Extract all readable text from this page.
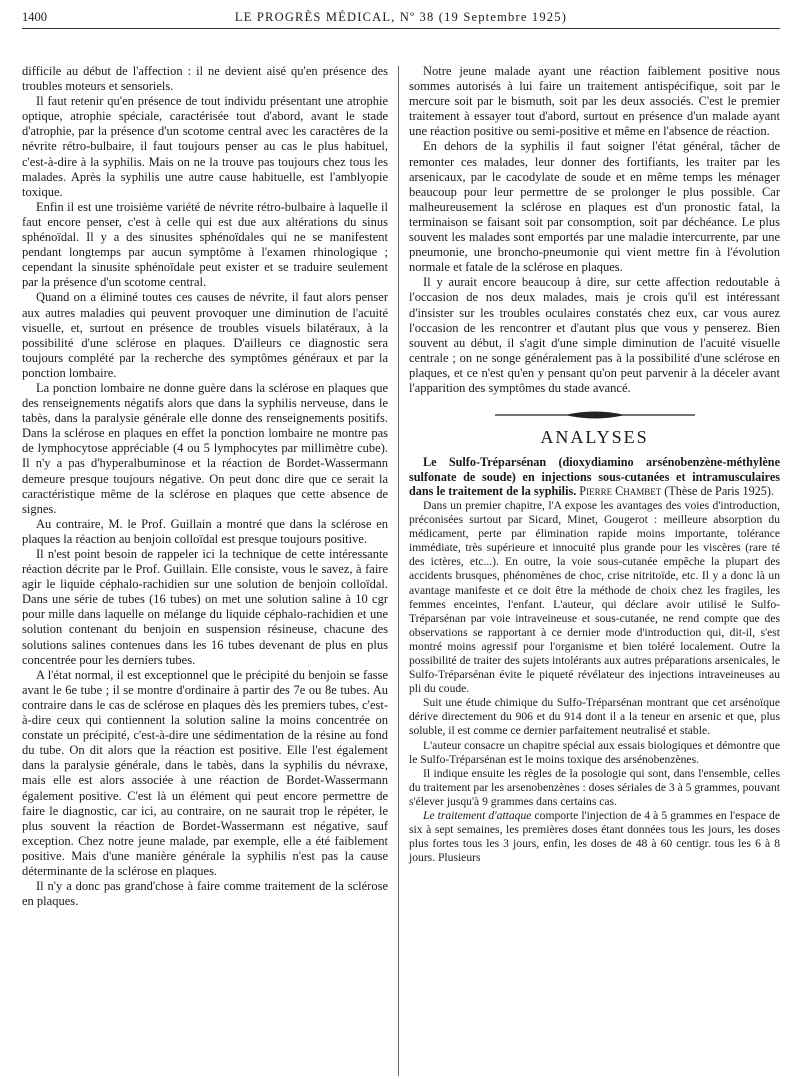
1400	LE PROGRÈS MÉDICAL, Nº 38 (19 Septembre 1925)

difficile au début de l'affection : il ne devient aisé qu'en présence des troubles moteurs et sensoriels.

Il faut retenir qu'en présence de tout individu présentant une atrophie optique, atrophie spéciale, caractérisée tout d'abord, avant le stade d'atrophie, par la présence d'un scotome central avec les caractères de la névrite rétro-bulbaire, il faut toujours penser au cas le plus habituel, c'est-à-dire à la syphilis. Mais on ne la trouve pas toujours chez tous les malades. Après la syphilis une autre cause habituelle, est l'amblyopie toxique.

Enfin il est une troisième variété de névrite rétro-bulbaire à laquelle il faut encore penser, c'est à celle qui est due aux altérations du sinus sphénoïdal. Il y a des sinusites sphénoïdales qui ne se manifestent pendant longtemps par aucun symptôme à l'examen rhinologique ; cependant la sinusite sphénoïdale peut exister et se traduire seulement par la présence d'un scotome central.

Quand on a éliminé toutes ces causes de névrite, il faut alors penser aux autres maladies qui peuvent provoquer une diminution de l'acuité visuelle, et, surtout en présence de troubles visuels bilatéraux, à la possibilité d'une sclérose en plaques. D'ailleurs ce diagnostic sera toujours complété par la recherche des symptômes généraux et par la ponction lombaire.

La ponction lombaire ne donne guère dans la sclérose en plaques que des renseignements négatifs alors que dans la syphilis nerveuse, dans le tabès, dans la paralysie générale elle donne des renseignements positifs. Dans la sclérose en plaques en effet la ponction lombaire ne montre pas de lymphocytose appréciable (4 ou 5 lymphocytes par millimètre cube). Il n'y a pas d'hyperalbuminose et la réaction de Bordet-Wassermann demeure presque toujours négative. On peut donc dire que ce serait la caractéristique même de la sclérose en plaques que cette absence de signes.

Au contraire, M. le Prof. Guillain a montré que dans la sclérose en plaques la réaction au benjoin colloïdal est presque toujours positive.

Il n'est point besoin de rappeler ici la technique de cette intéressante réaction décrite par le Prof. Guillain. Elle consiste, vous le savez, à faire agir le liquide céphalo-rachidien sur une solution de benjoin colloïdal. Dans une série de tubes (16 tubes) on met une solution saline à 10 cgr pour mille dans laquelle on mélange du liquide céphalo-rachidien et une solution contenant du benjoin en suspension résineuse, chacune des solutions salines contenues dans les 16 tubes devenant de plus en plus concentrée pour les derniers tubes.

A l'état normal, il est exceptionnel que le précipité du benjoin se fasse avant le 6e tube ; il se montre d'ordinaire à partir des 7e ou 8e tubes. Au contraire dans le cas de sclérose en plaques dès les premiers tubes, c'est-à-dire ceux qui contiennent la solution saline la moins concentrée on constate un précipité, c'est-à-dire une sédimentation de la résine au fond du tube. On dit alors que la réaction est positive. Elle l'est également dans la paralysie générale, dans le tabès, dans la syphilis du névraxe, mais elle est alors associée à une réaction de Bordet-Wassermann également positive. C'est là un élément qui peut encore permettre de faire le diagnostic, car ici, au contraire, on ne saurait trop le répéter, le plus souvent la réaction de Bordet-Wassermann est négative, sauf exception. Chez notre jeune malade, par exemple, elle a été faiblement positive. Mais d'une manière générale la syphilis n'est pas la cause déterminante de la sclérose en plaques.

Il n'y a donc pas grand'chose à faire comme traitement de la sclérose en plaques.

Notre jeune malade ayant une réaction faiblement positive nous sommes autorisés à lui faire un traitement antispécifique, soit par le mercure soit par le bismuth, soit par les deux associés. C'est le premier traitement à essayer tout d'abord, surtout en présence d'un malade ayant une réaction positive ou semi-positive et même en l'absence de réaction.

En dehors de la syphilis il faut soigner l'état général, tâcher de remonter ces malades, leur donner des fortifiants, les traiter par les arsenicaux, par le cacodylate de soude et en même temps les ménager beaucoup pour leur permettre de se prolonger le plus possible. Car malheureusement la sclérose en plaques est d'un pronostic fatal, la terminaison se faisant soit par consomption, soit par déchéance. Le plus souvent les malades sont emportés par une maladie intercurrente, par une pneumonie, une broncho-pneumonie qui vient mettre fin à l'évolution normale et fatale de la sclérose en plaques.

Il y aurait encore beaucoup à dire, sur cette affection redoutable à l'occasion de nos deux malades, mais je crois qu'il est intéressant d'insister sur les troubles oculaires constatés chez eux, car vous aurez l'occasion de les rencontrer et d'autant plus que vous y penserez. Bien souvent au début, il s'agit d'une simple diminution de l'acuité visuelle centrale ; on ne songe généralement pas à la possibilité d'une sclérose en plaques, et ce n'est qu'en y pensant qu'on peut parvenir à la déceler avant l'apparition des symptômes du stade avancé.

ANALYSES

Le Sulfo-Tréparsénan (dioxydiamino arsénobenzène-méthylène sulfonate de soude) en injections sous-cutanées et intramusculaires dans le traitement de la syphilis. Pierre Chambet (Thèse de Paris 1925).

Dans un premier chapitre, l'A expose les avantages des voies d'introduction, préconisées surtout par Sicard, Minet, Gougerot : meilleure absorption du médicament, perte par élimination rapide moins importante, tolérance immédiate, très supérieure et innocuité plus grande pour les viscères (rare té des ictères, etc...). En outre, la voie sous-cutanée empêche la plupart des accidents brusques, phénomènes de choc, crise nitritoïde, etc. Il y a donc là un avantage manifeste et ce doit être la méthode de choix chez les fragiles, les femmes enceintes, l'enfant. L'auteur, qui déclare avoir utilisé le Sulfo-Tréparsénan par voie intraveineuse et sous-cutanée, ne rend compte que des observations se rapportant à ce dernier mode d'introduction qui, dit-il, s'est montré moins agressif pour l'organisme et bien toléré localement. Outre la possibilité de traiter des sujets intolérants aux autres préparations arsenicales, le Sulfo-Tréparsénan évite le piqueté révélateur des injections intraveineuses au pli du coude.

Suit une étude chimique du Sulfo-Tréparsénan montrant que cet arsénoïque dérive directement du 906 et du 914 dont il a la teneur en arsenic et que, plus soluble, il est comme ce dernier parfaitement neutralisé et stable.

L'auteur consacre un chapitre spécial aux essais biologiques et démontre que le Sulfo-Tréparsénan est le moins toxique des arsénobenzènes.

Il indique ensuite les règles de la posologie qui sont, dans l'ensemble, celles du traitement par les arsenobenzènes : doses sériales de 3 à 5 grammes, pouvant s'élever jusqu'à 9 grammes dans certains cas.

Le traitement d'attaque comporte l'injection de 4 à 5 grammes en l'espace de six à sept semaines, les premières doses étant données tous les jours, les doses plus fortes tous les 3 jours, enfin, les doses de 48 à 60 centigr. tous les 6 à 8 jours. Plusieurs
